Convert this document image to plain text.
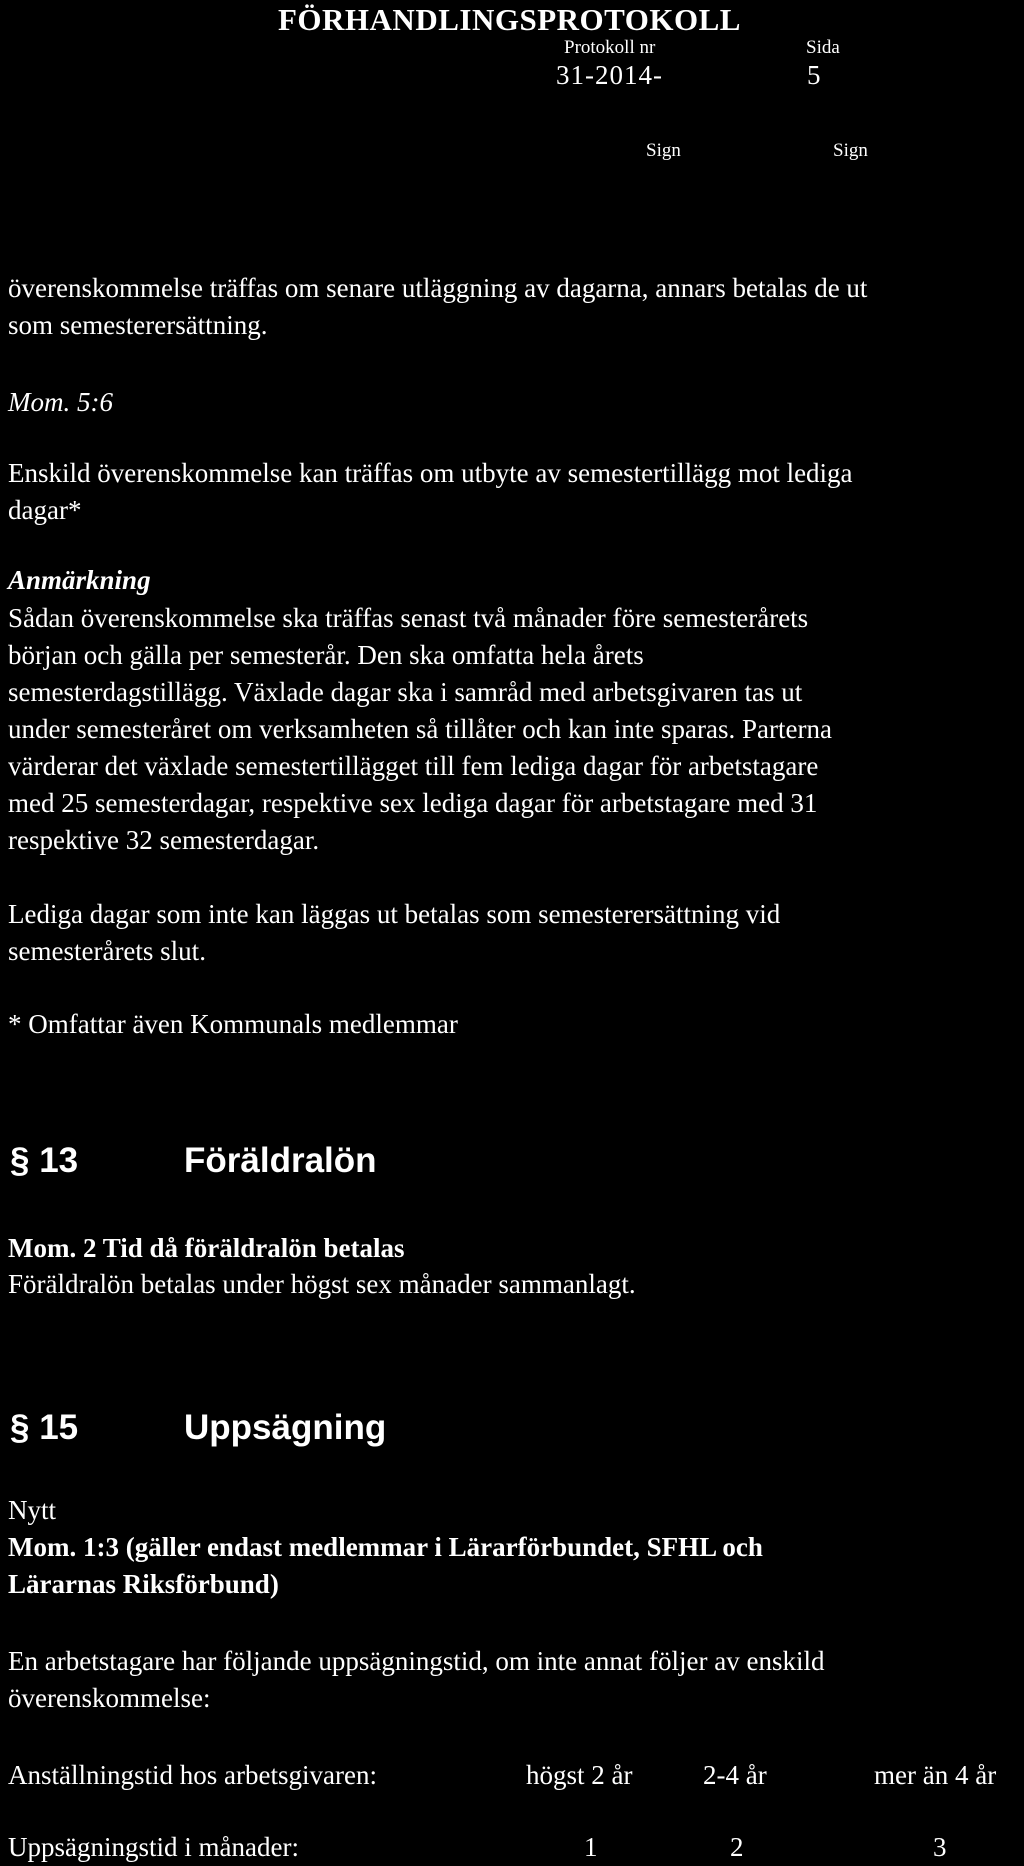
FÖRHANDLINGSPROTOKOLL
Protokoll nr	Sida
31-2014-	5
Sign	Sign
överenskommelse träffas om senare utläggning av dagarna, annars betalas de ut
som semesterersättning.
Mom. 5:6
Enskild överenskommelse kan träffas om utbyte av semestertillägg mot lediga
dagar*
Anmärkning
Sådan överenskommelse ska träffas senast två månader före semesterårets
början och gälla per semesterår. Den ska omfatta hela årets
semesterdagstillägg. Växlade dagar ska i samråd med arbetsgivaren tas ut
under semesteråret om verksamheten så tillåter och kan inte sparas. Parterna
värderar det växlade semestertillägget till fem lediga dagar för arbetstagare
med 25 semesterdagar, respektive sex lediga dagar för arbetstagare med 31
respektive 32 semesterdagar.
Lediga dagar som inte kan läggas ut betalas som semesterersättning vid
semesterårets slut.
* Omfattar även Kommunals medlemmar
§ 13	Föräldralön
Mom. 2 Tid då föräldralön betalas
Föräldralön betalas under högst sex månader sammanlagt.
§ 15	Uppsägning
Nytt
Mom. 1:3 (gäller endast medlemmar i Lärarförbundet, SFHL och
Lärarnas Riksförbund)
En arbetstagare har följande uppsägningstid, om inte annat följer av enskild
överenskommelse:
Anställningstid hos arbetsgivaren:	högst 2 år	2-4 år	mer än 4 år
Uppsägningstid i månader:	1	2	3
